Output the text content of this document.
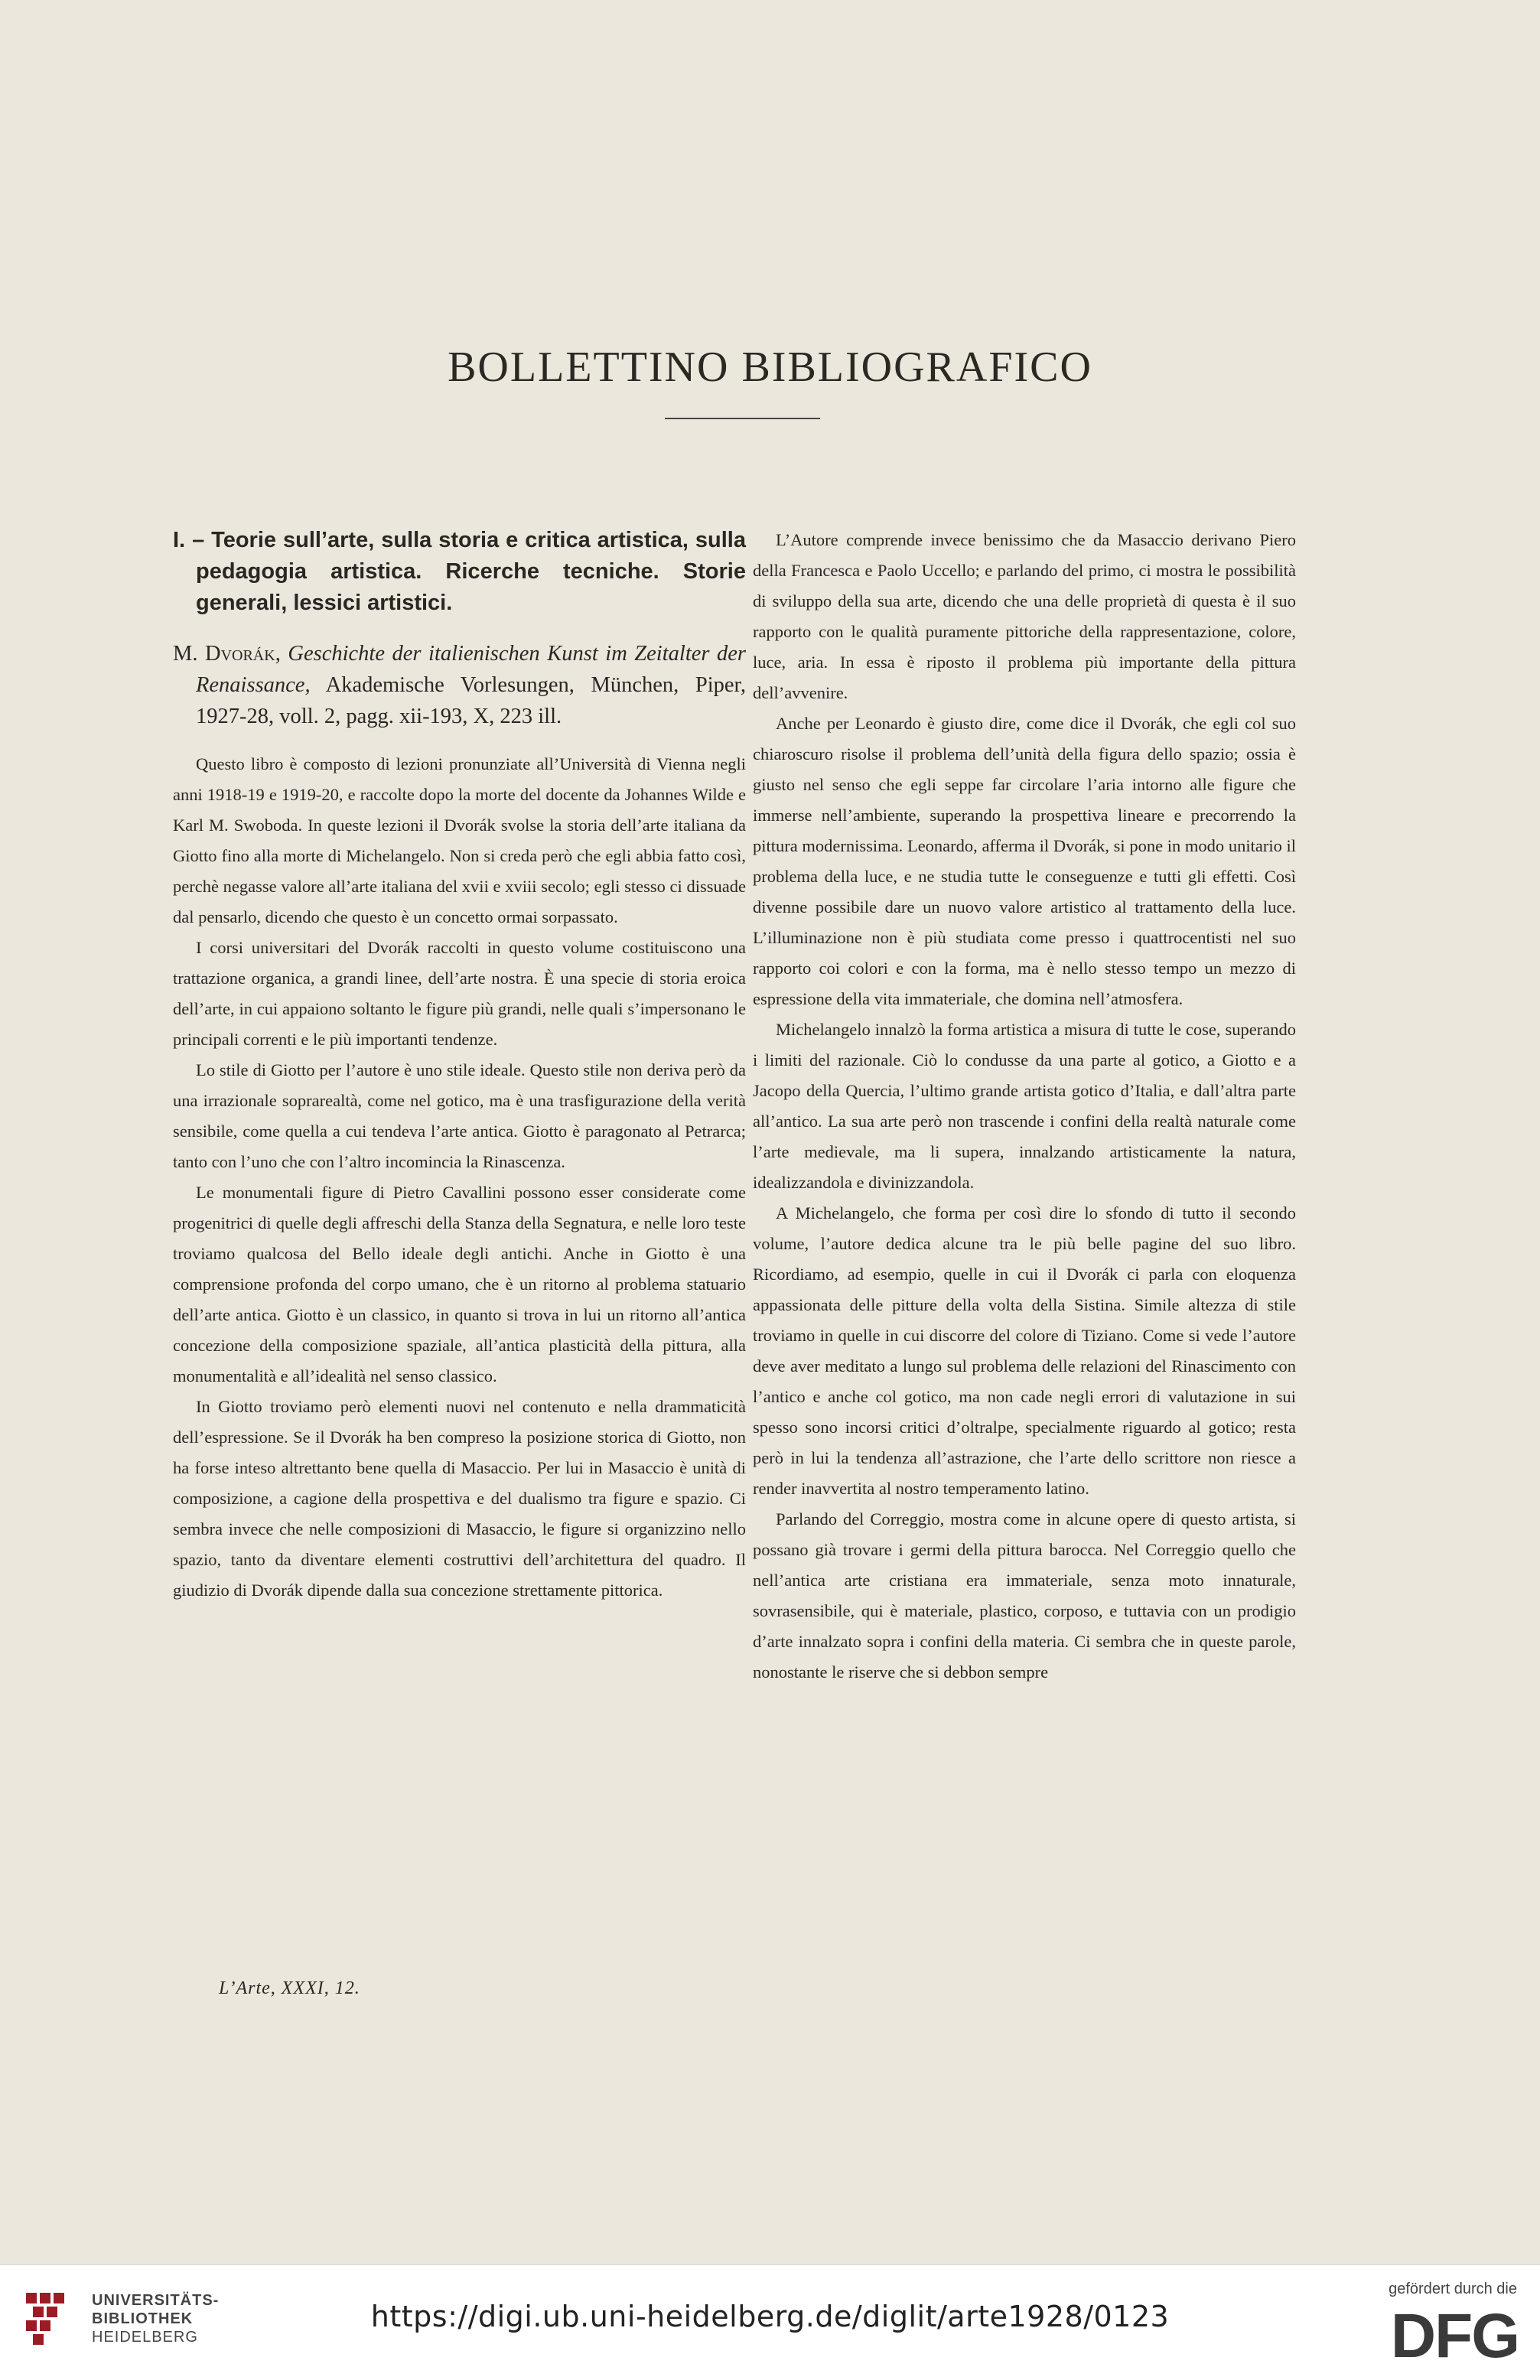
BOLLETTINO BIBLIOGRAFICO
I. – Teorie sull’arte, sulla storia e critica artistica, sulla pedagogia artistica. Ricerche tecniche. Storie generali, lessici artistici.
M. Dvorák, Geschichte der italienischen Kunst im Zeitalter der Renaissance, Akademische Vorlesungen, München, Piper, 1927-28, voll. 2, pagg. xii-193, X, 223 ill.

Questo libro è composto di lezioni pronunziate all’Università di Vienna negli anni 1918-19 e 1919-20, e raccolte dopo la morte del docente da Johannes Wilde e Karl M. Swoboda. In queste lezioni il Dvorák svolse la storia dell’arte italiana da Giotto fino alla morte di Michelangelo. Non si creda però che egli abbia fatto così, perchè negasse valore all’arte italiana del xvii e xviii secolo; egli stesso ci dissuade dal pensarlo, dicendo che questo è un concetto ormai sorpassato.

I corsi universitari del Dvorák raccolti in questo volume costituiscono una trattazione organica, a grandi linee, dell’arte nostra. È una specie di storia eroica dell’arte, in cui appaiono soltanto le figure più grandi, nelle quali s’impersonano le principali correnti e le più importanti tendenze.

Lo stile di Giotto per l’autore è uno stile ideale. Questo stile non deriva però da una irrazionale soprarealtà, come nel gotico, ma è una trasfigurazione della verità sensibile, come quella a cui tendeva l’arte antica. Giotto è paragonato al Petrarca; tanto con l’uno che con l’altro incomincia la Rinascenza.

Le monumentali figure di Pietro Cavallini possono esser considerate come progenitrici di quelle degli affreschi della Stanza della Segnatura, e nelle loro teste troviamo qualcosa del Bello ideale degli antichi. Anche in Giotto è una comprensione profonda del corpo umano, che è un ritorno al problema statuario dell’arte antica. Giotto è un classico, in quanto si trova in lui un ritorno all’antica concezione della composizione spaziale, all’antica plasticità della pittura, alla monumentalità e all’idealità nel senso classico.

In Giotto troviamo però elementi nuovi nel contenuto e nella drammaticità dell’espressione. Se il Dvorák ha ben compreso la posizione storica di Giotto, non ha forse inteso altrettanto bene quella di Masaccio. Per lui in Masaccio è unità di composizione, a cagione della prospettiva e del dualismo tra figure e spazio. Ci sembra invece che nelle composizioni di Masaccio, le figure si organizzino nello spazio, tanto da diventare elementi costruttivi dell’architettura del quadro. Il giudizio di Dvorák dipende dalla sua concezione strettamente pittorica.

L’Autore comprende invece benissimo che da Masaccio derivano Piero della Francesca e Paolo Uccello; e parlando del primo, ci mostra le possibilità di sviluppo della sua arte, dicendo che una delle proprietà di questa è il suo rapporto con le qualità puramente pittoriche della rappresentazione, colore, luce, aria. In essa è riposto il problema più importante della pittura dell’avvenire.

Anche per Leonardo è giusto dire, come dice il Dvorák, che egli col suo chiaroscuro risolse il problema dell’unità della figura dello spazio; ossia è giusto nel senso che egli seppe far circolare l’aria intorno alle figure che immerse nell’ambiente, superando la prospettiva lineare e precorrendo la pittura modernissima. Leonardo, afferma il Dvorák, si pone in modo unitario il problema della luce, e ne studia tutte le conseguenze e tutti gli effetti. Così divenne possibile dare un nuovo valore artistico al trattamento della luce. L’illuminazione non è più studiata come presso i quattrocentisti nel suo rapporto coi colori e con la forma, ma è nello stesso tempo un mezzo di espressione della vita immateriale, che domina nell’atmosfera.

Michelangelo innalzò la forma artistica a misura di tutte le cose, superando i limiti del razionale. Ciò lo condusse da una parte al gotico, a Giotto e a Jacopo della Quercia, l’ultimo grande artista gotico d’Italia, e dall’altra parte all’antico. La sua arte però non trascende i confini della realtà naturale come l’arte medievale, ma li supera, innalzando artisticamente la natura, idealizzandola e divinizzandola.

A Michelangelo, che forma per così dire lo sfondo di tutto il secondo volume, l’autore dedica alcune tra le più belle pagine del suo libro. Ricordiamo, ad esempio, quelle in cui il Dvorák ci parla con eloquenza appassionata delle pitture della volta della Sistina. Simile altezza di stile troviamo in quelle in cui discorre del colore di Tiziano. Come si vede l’autore deve aver meditato a lungo sul problema delle relazioni del Rinascimento con l’antico e anche col gotico, ma non cade negli errori di valutazione in sui spesso sono incorsi critici d’oltralpe, specialmente riguardo al gotico; resta però in lui la tendenza all’astrazione, che l’arte dello scrittore non riesce a render inavvertita al nostro temperamento latino.

Parlando del Correggio, mostra come in alcune opere di questo artista, si possano già trovare i germi della pittura barocca. Nel Correggio quello che nell’antica arte cristiana era immateriale, senza moto innaturale, sovrasensibile, qui è materiale, plastico, corposo, e tuttavia con un prodigio d’arte innalzato sopra i confini della materia. Ci sembra che in queste parole, nonostante le riserve che si debbon sempre

L’Arte, XXXI, 12.
UNIVERSITÄTS-
BIBLIOTHEK
HEIDELBERG
https://digi.ub.uni-heidelberg.de/diglit/arte1928/0123
gefördert durch die
DFG
